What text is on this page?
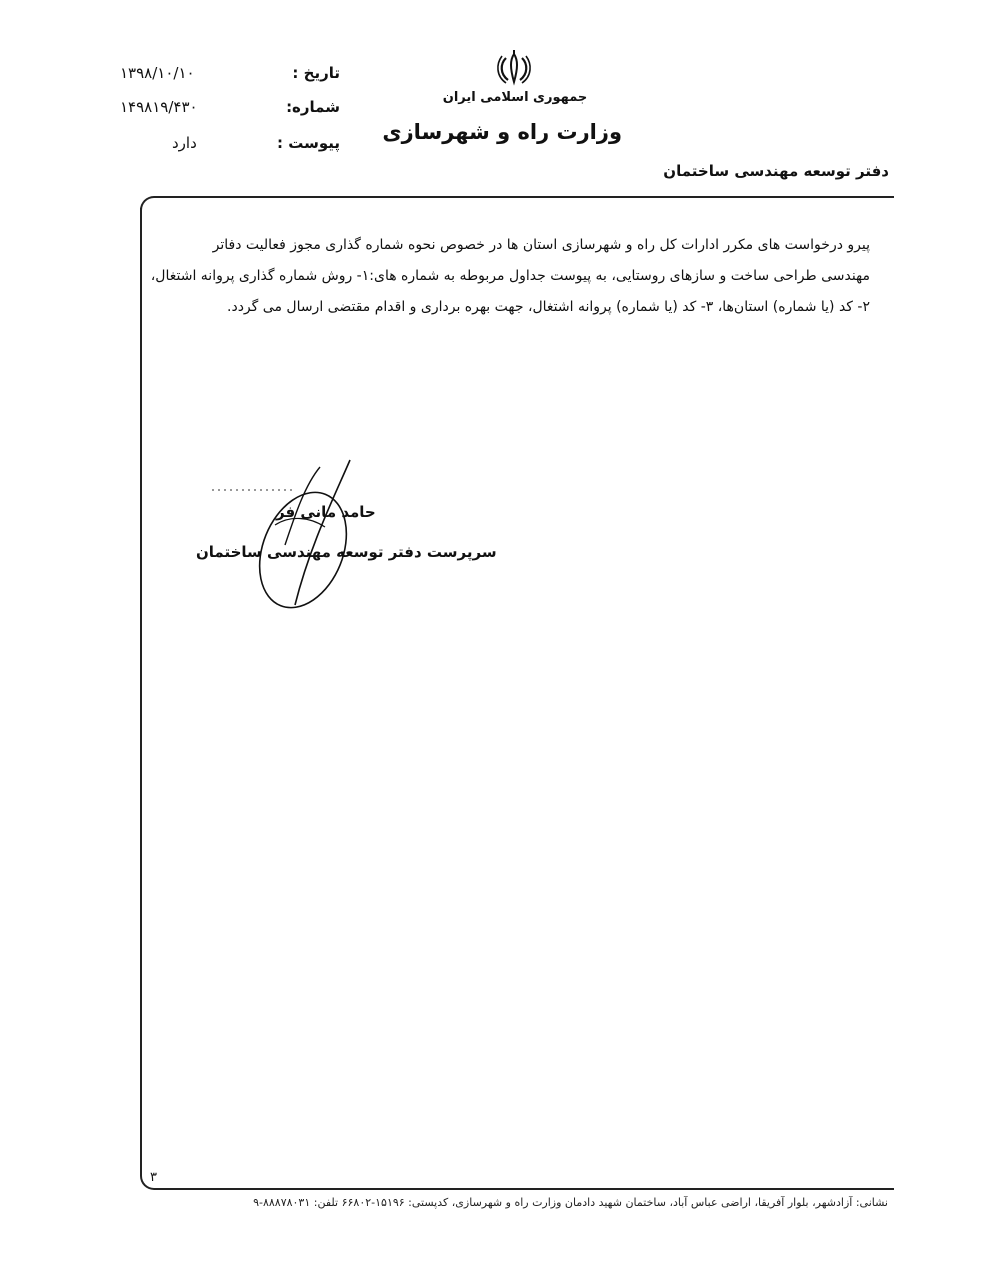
تاریخ :
۱۳۹۸/۱۰/۱۰
شماره:
۱۴۹۸۱۹/۴۳۰
پیوست :
دارد
جمهوری اسلامی ایران
وزارت راه و شهرسازی
دفتر توسعه مهندسی ساختمان
پیرو درخواست های مکرر ادارات کل راه و شهرسازی استان ها در خصوص نحوه شماره گذاری مجوز فعالیت دفاتر
مهندسی طراحی ساخت و سازهای روستایی، به پیوست جداول مربوطه به شماره های:۱- روش شماره گذاری پروانه اشتغال،
۲- کد (یا شماره) استان‌ها، ۳- کد (یا شماره) پروانه اشتغال، جهت بهره برداری و اقدام مقتضی ارسال می گردد.
حامد مانی فر
سرپرست دفتر توسعه مهندسی ساختمان
۳
نشانی: آزادشهر، بلوار آفریقا، اراضی عباس آباد، ساختمان شهید دادمان وزارت راه و شهرسازی، کدپستی: ۱۵۱۹۶-۶۶۸۰۲ تلفن: ۸۸۸۷۸۰۳۱-۹
